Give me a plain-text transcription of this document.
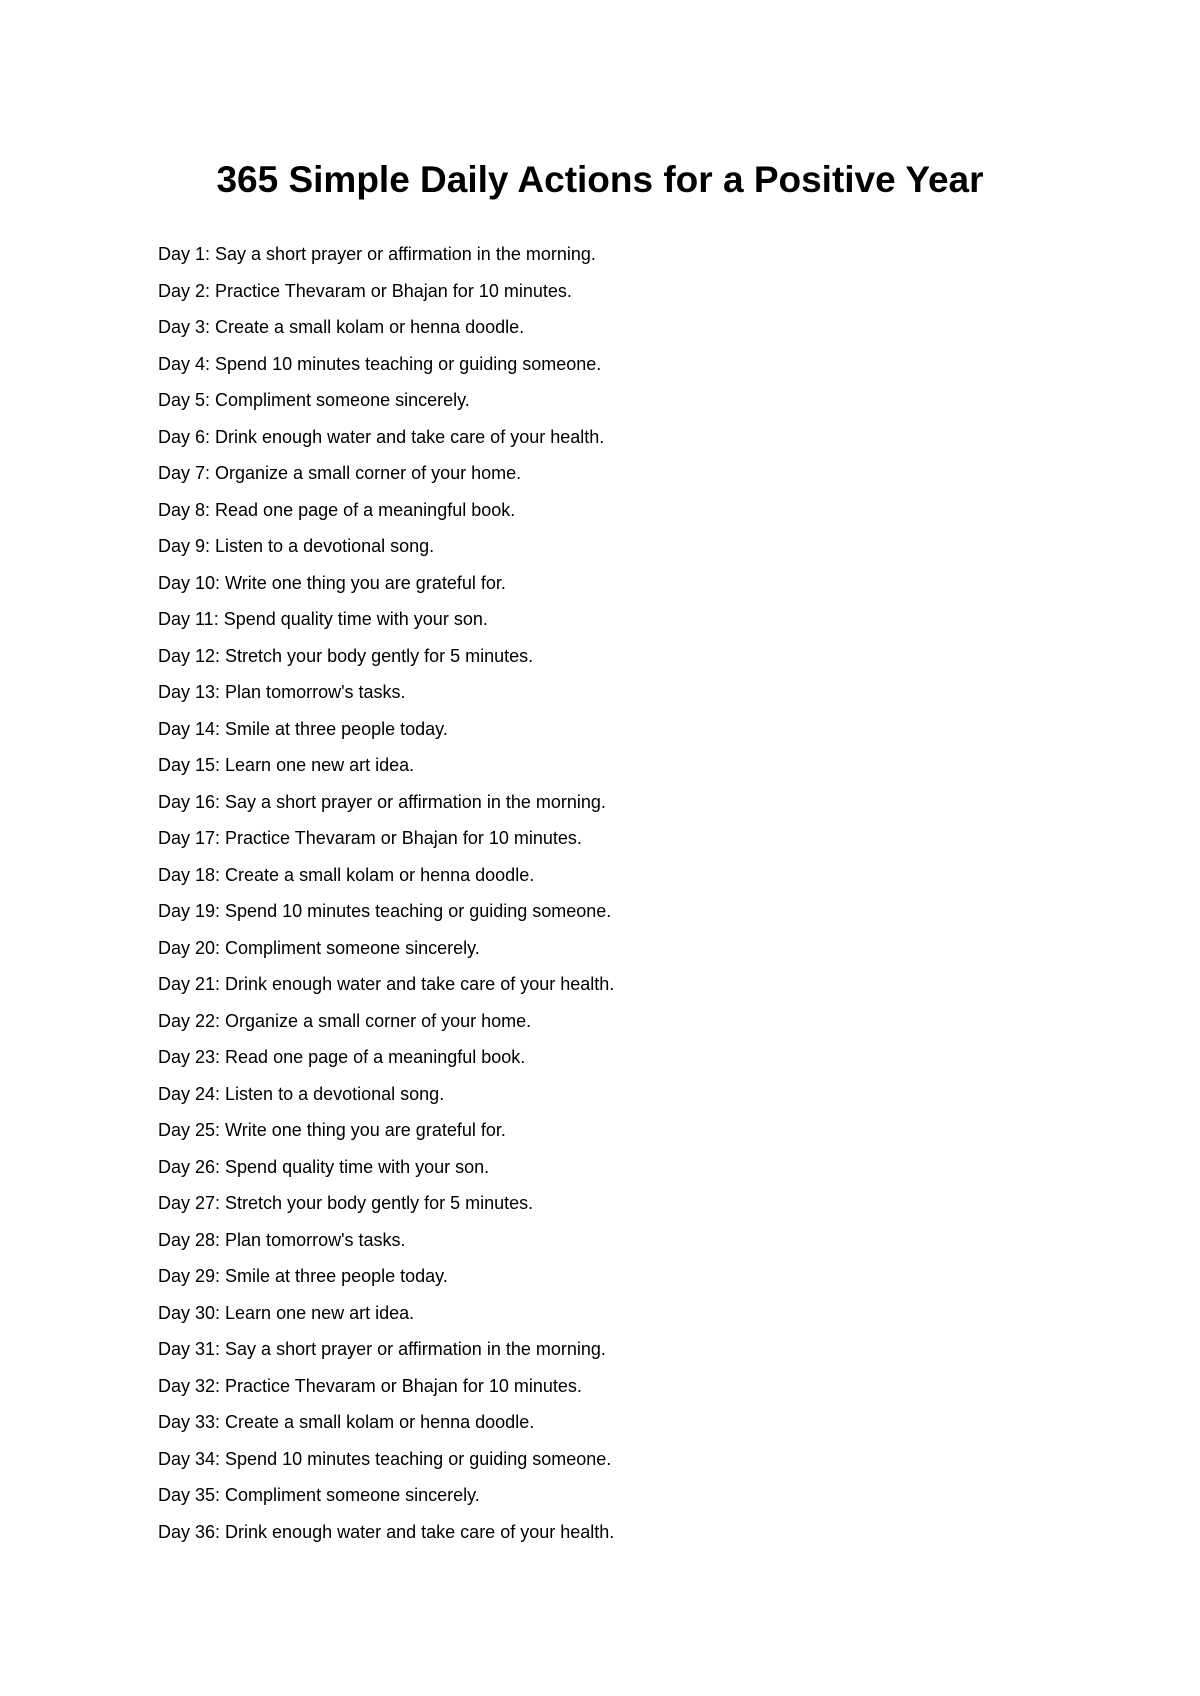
365 Simple Daily Actions for a Positive Year
Day 1: Say a short prayer or affirmation in the morning.
Day 2: Practice Thevaram or Bhajan for 10 minutes.
Day 3: Create a small kolam or henna doodle.
Day 4: Spend 10 minutes teaching or guiding someone.
Day 5: Compliment someone sincerely.
Day 6: Drink enough water and take care of your health.
Day 7: Organize a small corner of your home.
Day 8: Read one page of a meaningful book.
Day 9: Listen to a devotional song.
Day 10: Write one thing you are grateful for.
Day 11: Spend quality time with your son.
Day 12: Stretch your body gently for 5 minutes.
Day 13: Plan tomorrow's tasks.
Day 14: Smile at three people today.
Day 15: Learn one new art idea.
Day 16: Say a short prayer or affirmation in the morning.
Day 17: Practice Thevaram or Bhajan for 10 minutes.
Day 18: Create a small kolam or henna doodle.
Day 19: Spend 10 minutes teaching or guiding someone.
Day 20: Compliment someone sincerely.
Day 21: Drink enough water and take care of your health.
Day 22: Organize a small corner of your home.
Day 23: Read one page of a meaningful book.
Day 24: Listen to a devotional song.
Day 25: Write one thing you are grateful for.
Day 26: Spend quality time with your son.
Day 27: Stretch your body gently for 5 minutes.
Day 28: Plan tomorrow's tasks.
Day 29: Smile at three people today.
Day 30: Learn one new art idea.
Day 31: Say a short prayer or affirmation in the morning.
Day 32: Practice Thevaram or Bhajan for 10 minutes.
Day 33: Create a small kolam or henna doodle.
Day 34: Spend 10 minutes teaching or guiding someone.
Day 35: Compliment someone sincerely.
Day 36: Drink enough water and take care of your health.
